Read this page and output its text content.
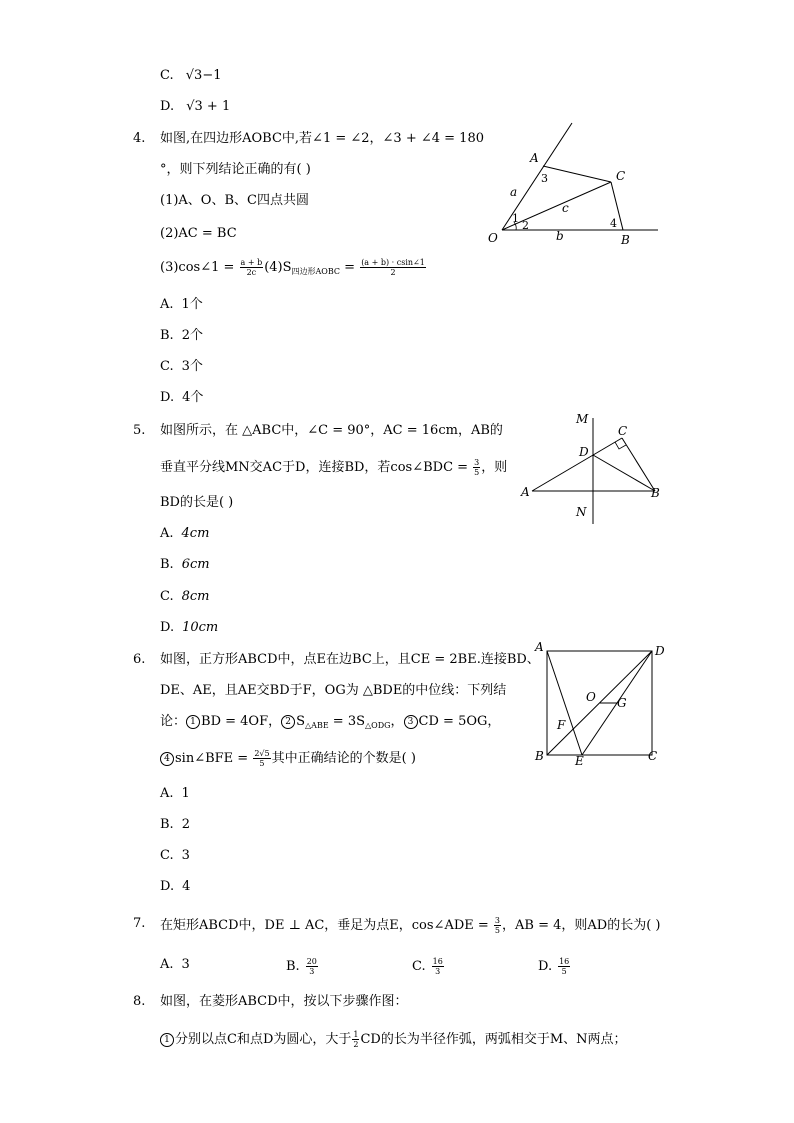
C. √3−1
D. √3 + 1
4. 如图,在四边形AOBC中,若∠1 = ∠2，∠3 + ∠4 = 180
°，则下列结论正确的有( )
(1)A、O、B、C四点共圆
(2)AC = BC
(3)cos∠1 = $\frac{a + b}{2c} (4)S_{四边形AOBC} = \frac{(a + b) \cdot csin\angle 1}{2}$
A. 1个
B. 2个
C. 3个
D. 4个
A
O	B
C
a
b
c
1
2
3
4
5. 如图所示，在 △ABC中，∠C = 90°，AC = 16cm，AB的
垂直平分线MN交AC于D，连接BD，若cos∠BDC = $\frac{3}{5}$ ，则
BD的长是( )
A. 4cm
B. 6cm
C. 8cm
D. 10cm
M
D
C
A	B
N
6. 如图，正方形ABCD中，点E在边BC上，且CE = 2BE.连接BD、
DE、AE，且AE交BD于F，OG为 △BDE的中位线：下列结
论： 1 BD = 4OF， 2 $S_{\triangle ABE} = 3S_{\triangle ODG}$， 3 CD = 5OG，
4 sin∠BFE = $\frac{2√5}{5}$ 其中正确结论的个数是( )
A. 1
B. 2
C. 3
D. 4
A	D
B	C
E
F
O G
7. 在矩形ABCD中，DE ⊥ AC，垂足为点E，cos∠ADE = $\frac{3}{5}$ ，AB = 4，则AD的长为( )
A. 3	B. $\frac{20}{3}$	C. $\frac{16}{3}$	D. $\frac{16}{5}$
8. 如图，在菱形ABCD中，按以下步骤作图：
1 分别以点C和点D为圆心，大于 $\frac{1}{2}$ CD的长为半径作弧，两弧相交于M、N两点；
